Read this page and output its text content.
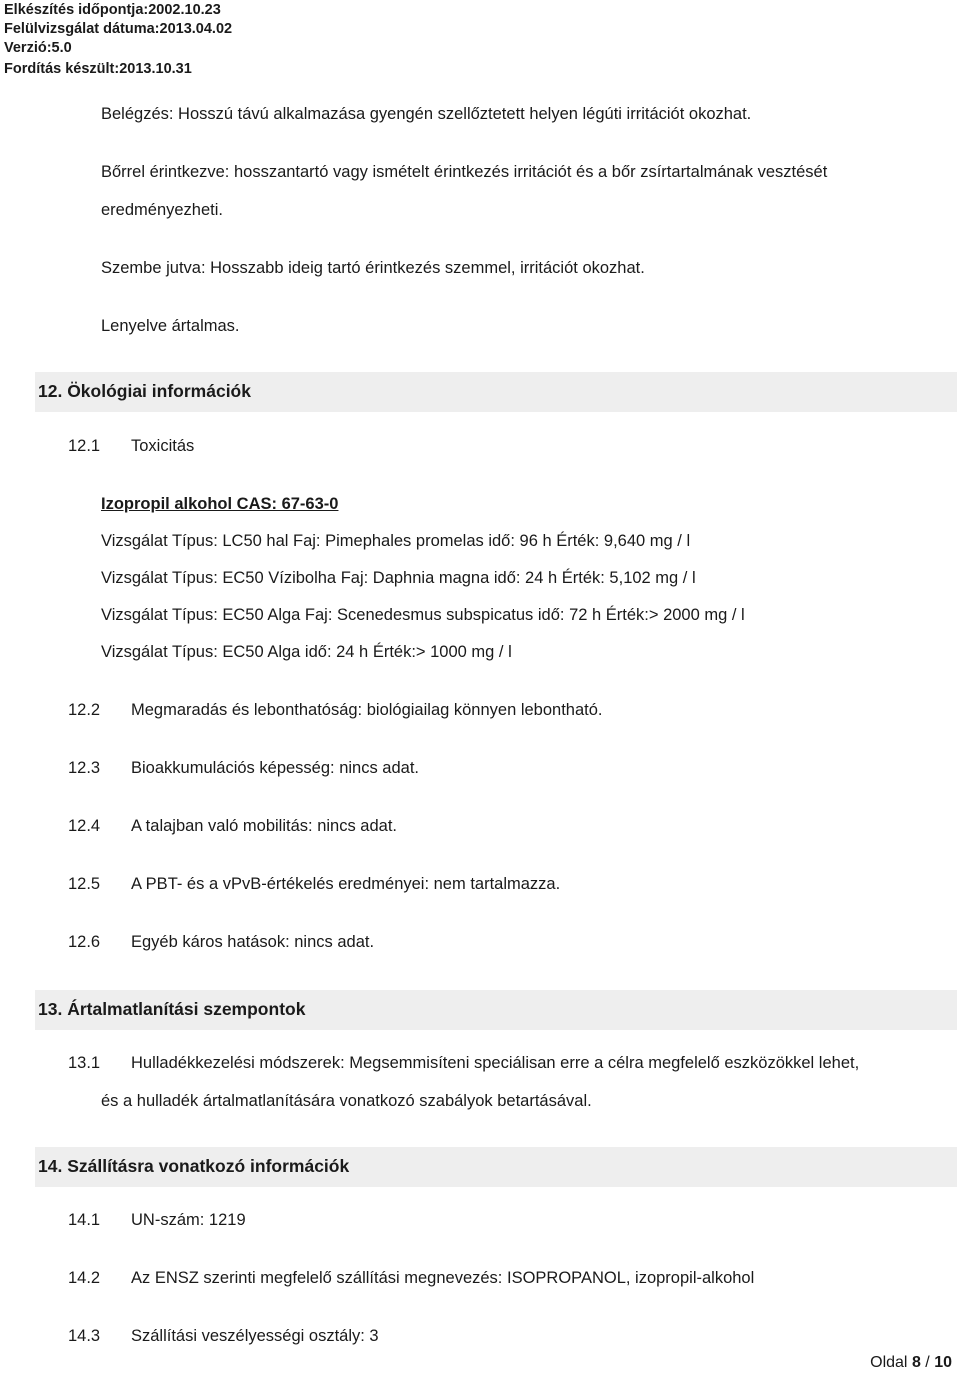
Elkészítés időpontja:2002.10.23
Felülvizsgálat dátuma:2013.04.02
Verzió:5.0
Fordítás készült:2013.10.31
Belégzés: Hosszú távú alkalmazása gyengén szellőztetett helyen légúti irritációt okozhat.
Bőrrel érintkezve: hosszantartó vagy ismételt érintkezés irritációt és a bőr zsírtartalmának vesztését
eredményezheti.
Szembe jutva: Hosszabb ideig tartó érintkezés szemmel, irritációt okozhat.
Lenyelve ártalmas.
12. Ökológiai információk
12.1 Toxicitás
Izopropil alkohol CAS: 67-63-0
Vizsgálat Típus: LC50 hal Faj: Pimephales promelas idő: 96 h Érték: 9,640 mg / l
Vizsgálat Típus: EC50 Vízibolha Faj: Daphnia magna idő: 24 h Érték: 5,102 mg / l
Vizsgálat Típus: EC50 Alga Faj: Scenedesmus subspicatus idő: 72 h Érték:> 2000 mg / l
Vizsgálat Típus: EC50 Alga idő: 24 h Érték:> 1000 mg / l
12.2 Megmaradás és lebonthatóság: biológiailag könnyen lebontható.
12.3 Bioakkumulációs képesség: nincs adat.
12.4 A talajban való mobilitás: nincs adat.
12.5 A PBT- és a vPvB-értékelés eredményei: nem tartalmazza.
12.6 Egyéb káros hatások: nincs adat.
13. Ártalmatlanítási szempontok
13.1 Hulladékkezelési módszerek: Megsemmisíteni speciálisan erre a célra megfelelő eszközökkel lehet,
és a hulladék ártalmatlanítására vonatkozó szabályok betartásával.
14. Szállításra vonatkozó információk
14.1 UN-szám: 1219
14.2 Az ENSZ szerinti megfelelő szállítási megnevezés: ISOPROPANOL, izopropil-alkohol
14.3 Szállítási veszélyességi osztály: 3
Oldal 8 / 10
